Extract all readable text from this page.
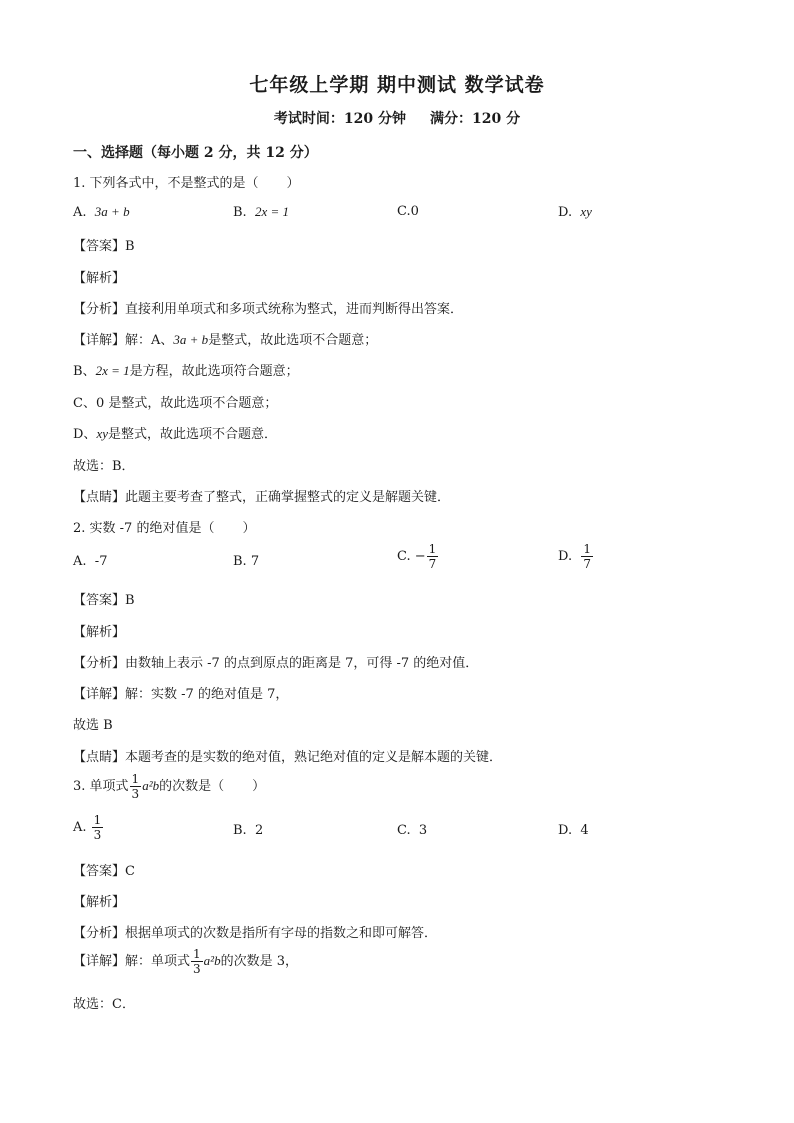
七年级上学期 期中测试 数学试卷
考试时间：120 分钟 满分：120 分
一、选择题（每小题 2 分，共 12 分）
1. 下列各式中，不是整式的是（ ）
A. 3a + b	B. 2x = 1	C.0	D. xy
【答案】B
【解析】
【分析】直接利用单项式和多项式统称为整式，进而判断得出答案．
【详解】解：A、3a + b是整式，故此选项不合题意；
B、2x = 1是方程，故此选项符合题意；
C、0 是整式，故此选项不合题意；
D、xy是整式，故此选项不合题意．
故选：B．
【点睛】此题主要考查了整式，正确掌握整式的定义是解题关键．
2. 实数 -7 的绝对值是（ ）
A. -7	B. 7	C. − $\frac{1}{7}$	D. $\frac{1}{7}$
【答案】B
【解析】
【分析】由数轴上表示 -7 的点到原点的距离是 7，可得 -7 的绝对值．
【详解】解：实数 -7 的绝对值是 7，
故选 B
【点睛】本题考查的是实数的绝对值，熟记绝对值的定义是解本题的关键．
3. 单项式 $\frac{1}{3} a^2b$的次数是（ ）
A. $\frac{1}{3}$	B. 2	C. 3	D. 4
【答案】C
【解析】
【分析】根据单项式的次数是指所有字母的指数之和即可解答．
【详解】解：单项式 $\frac{1}{3} a^2b$的次数是 3，
故选：C．
